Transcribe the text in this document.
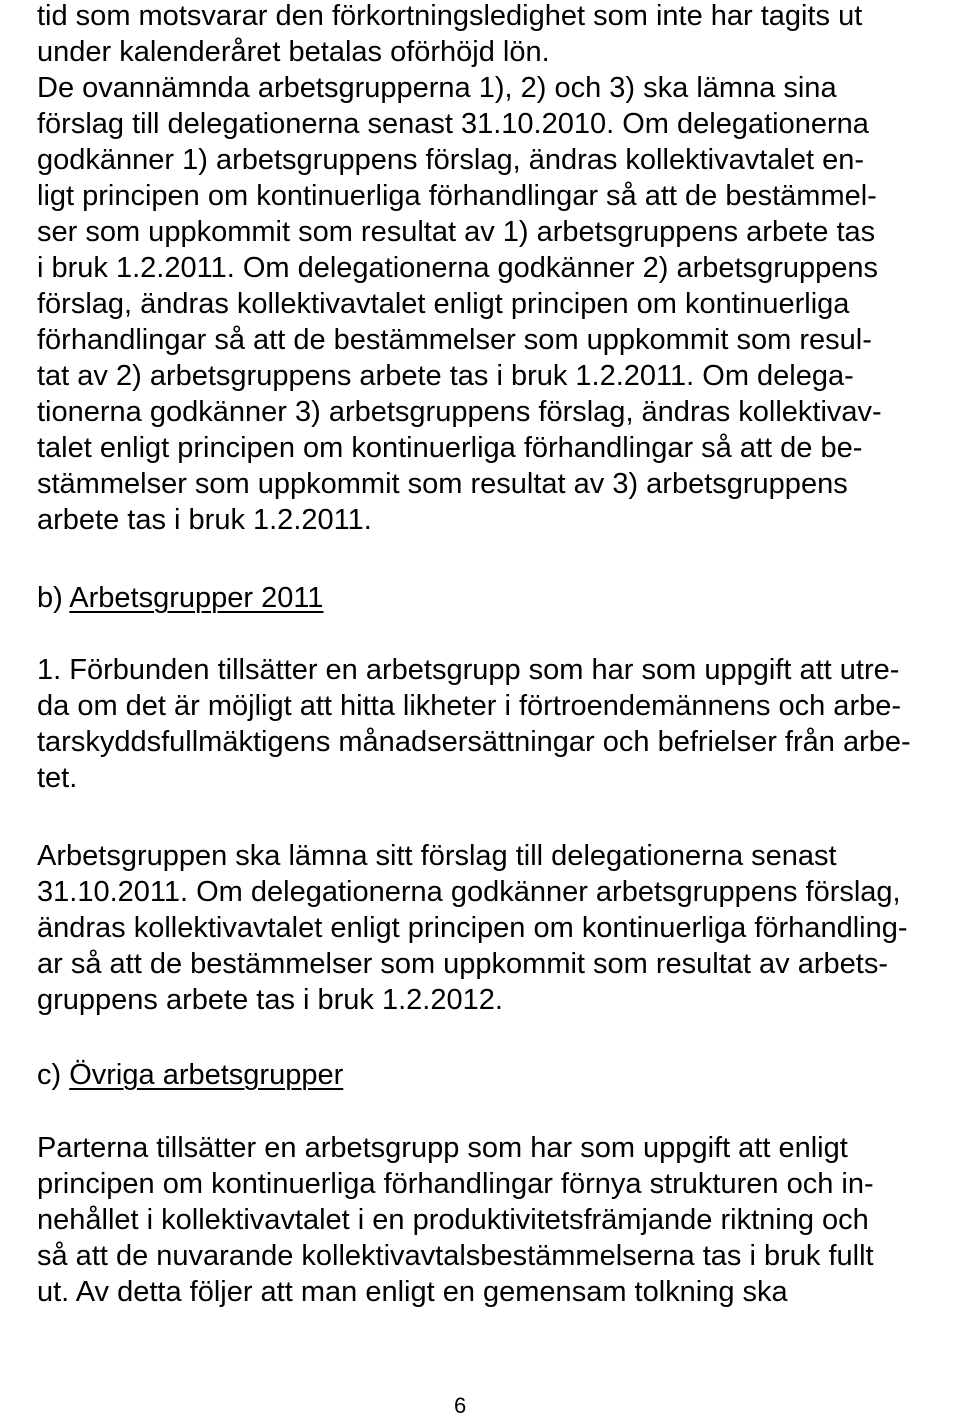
tid som motsvarar den förkortningsledighet som inte har tagits ut
under kalenderåret betalas oförhöjd lön.
De ovannämnda arbetsgrupperna 1), 2) och 3) ska lämna sina
förslag till delegationerna senast 31.10.2010. Om delegationerna
godkänner 1) arbetsgruppens förslag, ändras kollektivavtalet en-
ligt principen om kontinuerliga förhandlingar så att de bestämmel-
ser som uppkommit som resultat av 1) arbetsgruppens arbete tas
i bruk 1.2.2011. Om delegationerna godkänner 2) arbetsgruppens
förslag, ändras kollektivavtalet enligt principen om kontinuerliga
förhandlingar så att de bestämmelser som uppkommit som resul-
tat av 2) arbetsgruppens arbete tas i bruk 1.2.2011. Om delega-
tionerna godkänner 3) arbetsgruppens förslag, ändras kollektivav-
talet enligt principen om kontinuerliga förhandlingar så att de be-
stämmelser som uppkommit som resultat av 3) arbetsgruppens
arbete tas i bruk 1.2.2011.
b) Arbetsgrupper 2011
1. Förbunden tillsätter en arbetsgrupp som har som uppgift att utre-
da om det är möjligt att hitta likheter i förtroendemännens och arbe-
tarskyddsfullmäktigens månadsersättningar och befrielser från arbe-
tet.
Arbetsgruppen ska lämna sitt förslag till delegationerna senast
31.10.2011. Om delegationerna godkänner arbetsgruppens förslag,
ändras kollektivavtalet enligt principen om kontinuerliga förhandling-
ar så att de bestämmelser som uppkommit som resultat av arbets-
gruppens arbete tas i bruk 1.2.2012.
c) Övriga arbetsgrupper
Parterna tillsätter en arbetsgrupp som har som uppgift att enligt
principen om kontinuerliga förhandlingar förnya strukturen och in-
nehållet i kollektivavtalet i en produktivitetsfrämjande riktning och
så att de nuvarande kollektivavtalsbestämmelserna tas i bruk fullt
ut. Av detta följer att man enligt en gemensam tolkning ska
6
